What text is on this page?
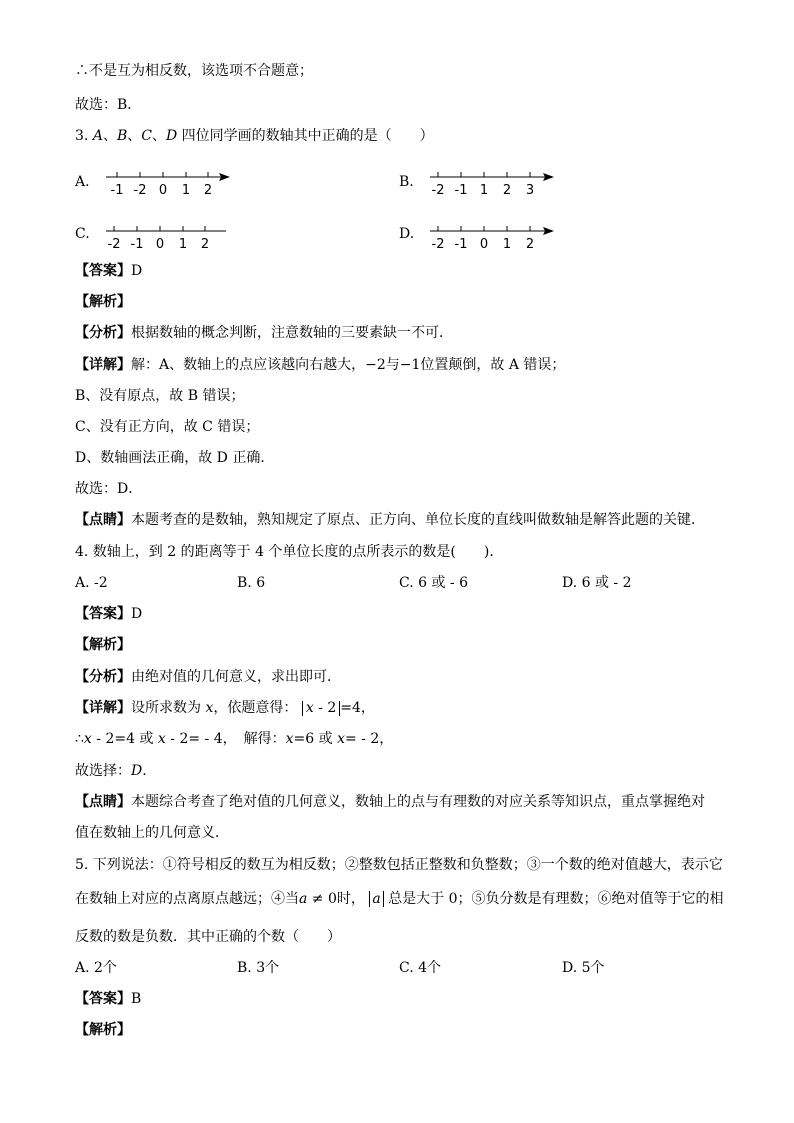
∴不是互为相反数，该选项不合题意；
故选：B．
3. A、B、C、D 四位同学画的数轴其中正确的是（　　）
A.
-1 -2 0 1 2
B.
-2 -1 1 2 3
C.
-2 -1 0 1 2
D.
-2 -1 0 1 2
【答案】D
【解析】
【分析】根据数轴的概念判断，注意数轴的三要素缺一不可．
【详解】解：A、数轴上的点应该越向右越大，−2与−1位置颠倒，故 A 错误；
B、没有原点，故 B 错误；
C、没有正方向，故 C 错误；
D、数轴画法正确，故 D 正确．
故选：D．
【点睛】本题考查的是数轴，熟知规定了原点、正方向、单位长度的直线叫做数轴是解答此题的关键．
4. 数轴上，到 2 的距离等于 4 个单位长度的点所表示的数是(　　)．
A. -2	B. 6	C. 6 或 - 6	D. 6 或 - 2
【答案】D
【解析】
【分析】由绝对值的几何意义，求出即可．
【详解】设所求数为 x，依题意得： x - 2 =4，
∴x - 2=4 或 x - 2= - 4，　解得：x=6 或 x= - 2，
故选择：D.
【点睛】本题综合考查了绝对值的几何意义，数轴上的点与有理数的对应关系等知识点，重点掌握绝对
值在数轴上的几何意义．
5. 下列说法：①符号相反的数互为相反数；②整数包括正整数和负整数；③一个数的绝对值越大，表示它
在数轴上对应的点离原点越远；④当a ≠ 0时， a 总是大于 0；⑤负分数是有理数；⑥绝对值等于它的相
反数的数是负数．其中正确的个数（　　）
A. 2个	B. 3个	C. 4个	D. 5个
【答案】B
【解析】
